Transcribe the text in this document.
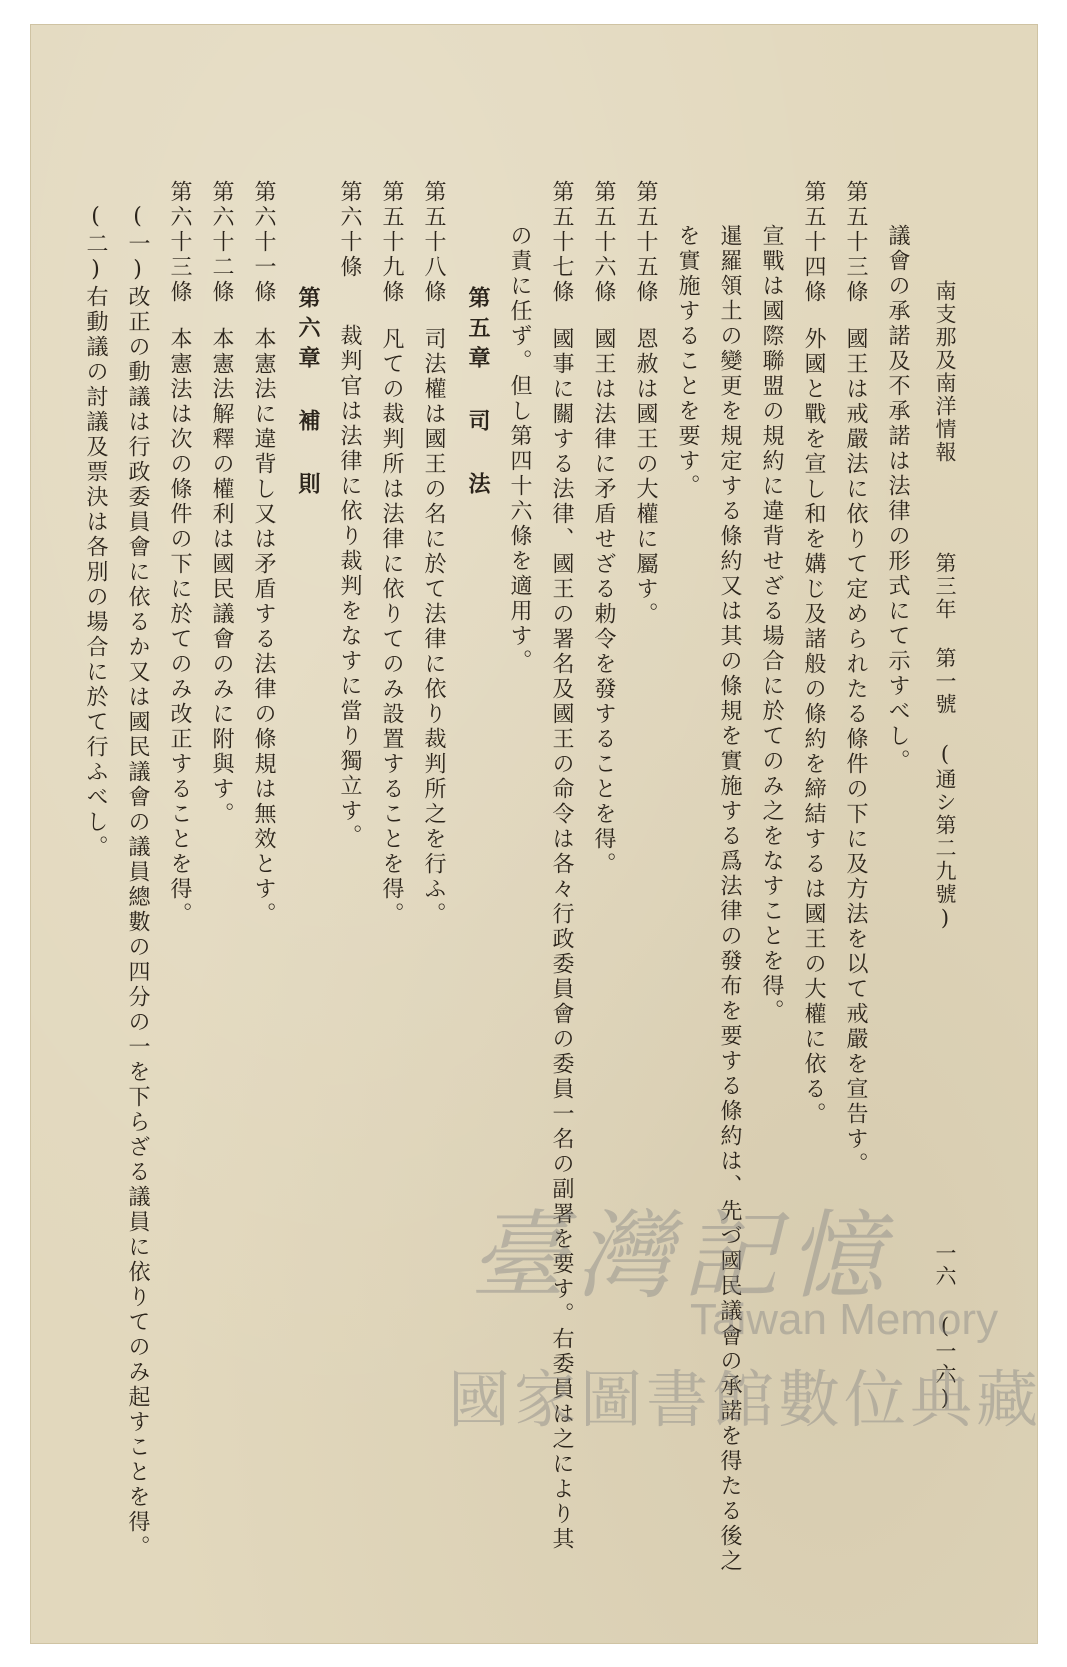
南支那及南洋情報第三年 第一號 (通シ第二九號)
一六 (一六)
議會の承諾及不承諾は法律の形式にて示すべし。
第五十三條國王は戒嚴法に依りて定められたる條件の下に及方法を以て戒嚴を宣告す。
第五十四條外國と戰を宣し和を媾じ及諸般の條約を締結するは國王の大權に依る。
宣戰は國際聯盟の規約に違背せざる場合に於てのみ之をなすことを得。
暹羅領土の變更を規定する條約又は其の條規を實施する爲法律の發布を要する條約は、先づ國民議會の承諾を得たる後之
を實施することを要す。
第五十五條恩赦は國王の大權に屬す。
第五十六條國王は法律に矛盾せざる勅令を發することを得。
第五十七條國事に關する法律、國王の署名及國王の命令は各々行政委員會の委員一名の副署を要す。右委員は之により其
の責に任ず。但し第四十六條を適用す。
第五章 司 法
第五十八條司法權は國王の名に於て法律に依り裁判所之を行ふ。
第五十九條凡ての裁判所は法律に依りてのみ設置することを得。
第六十條裁判官は法律に依り裁判をなすに當り獨立す。
第六章 補 則
第六十一條本憲法に違背し又は矛盾する法律の條規は無效とす。
第六十二條本憲法解釋の權利は國民議會のみに附與す。
第六十三條本憲法は次の條件の下に於てのみ改正することを得。
(一)改正の動議は行政委員會に依るか又は國民議會の議員總數の四分の一を下らざる議員に依りてのみ起すことを得。
(二)右動議の討議及票決は各別の場合に於て行ふべし。
臺灣記憶
Taiwan Memory
國家圖書館數位典藏
